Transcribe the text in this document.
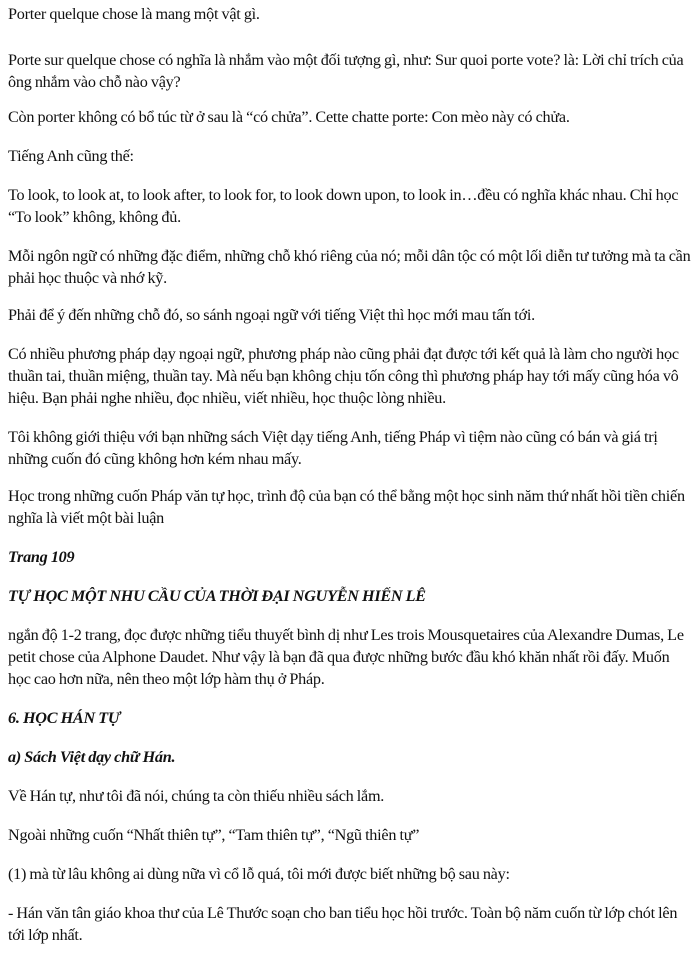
Porter quelque chose là mang một vật gì.

Porte sur quelque chose có nghĩa là nhắm vào một đối tượng gì, như: Sur quoi porte vote? là: Lời chỉ trích của ông nhắm vào chỗ nào vậy?

Còn porter không có bổ túc từ ở sau là “có chửa”. Cette chatte porte: Con mèo này có chửa.

Tiếng Anh cũng thế:

To look, to look at, to look after, to look for, to look down upon, to look in…đều có nghĩa khác nhau. Chỉ học “To look” không, không đủ.

Mỗi ngôn ngữ có những đặc điểm, những chỗ khó riêng của nó; mỗi dân tộc có một lối diễn tư tưởng mà ta cần phải học thuộc và nhớ kỹ.

Phải để ý đến những chỗ đó, so sánh ngoại ngữ với tiếng Việt thì học mới mau tấn tới.

Có nhiều phương pháp dạy ngoại ngữ, phương pháp nào cũng phải đạt được tới kết quả là làm cho người học thuần tai, thuần miệng, thuần tay. Mà nếu bạn không chịu tốn công thì phương pháp hay tới mấy cũng hóa vô hiệu. Bạn phải nghe nhiều, đọc nhiều, viết nhiều, học thuộc lòng nhiều.

Tôi không giới thiệu với bạn những sách Việt dạy tiếng Anh, tiếng Pháp vì tiệm nào cũng có bán và giá trị những cuốn đó cũng không hơn kém nhau mấy.

Học trong những cuốn Pháp văn tự học, trình độ của bạn có thể bằng một học sinh năm thứ nhất hồi tiền chiến nghĩa là viết một bài luận

Trang 109

TỰ HỌC MỘT NHU CẦU CỦA THỜI ĐẠI NGUYỄN HIẾN LÊ

ngắn độ 1-2 trang, đọc được những tiểu thuyết bình dị như Les trois Mousquetaires của Alexandre Dumas, Le petit chose của Alphone Daudet. Như vậy là bạn đã qua được những bước đầu khó khăn nhất rồi đấy. Muốn học cao hơn nữa, nên theo một lớp hàm thụ ở Pháp.

6. HỌC HÁN TỰ

a) Sách Việt dạy chữ Hán.

Về Hán tự, như tôi đã nói, chúng ta còn thiếu nhiều sách lắm.

Ngoài những cuốn “Nhất thiên tự”, “Tam thiên tự”, “Ngũ thiên tự”

(1) mà từ lâu không ai dùng nữa vì cổ lỗ quá, tôi mới được biết những bộ sau này:

- Hán văn tân giáo khoa thư của Lê Thước soạn cho ban tiểu học hồi trước. Toàn bộ năm cuốn từ lớp chót lên tới lớp nhất.
